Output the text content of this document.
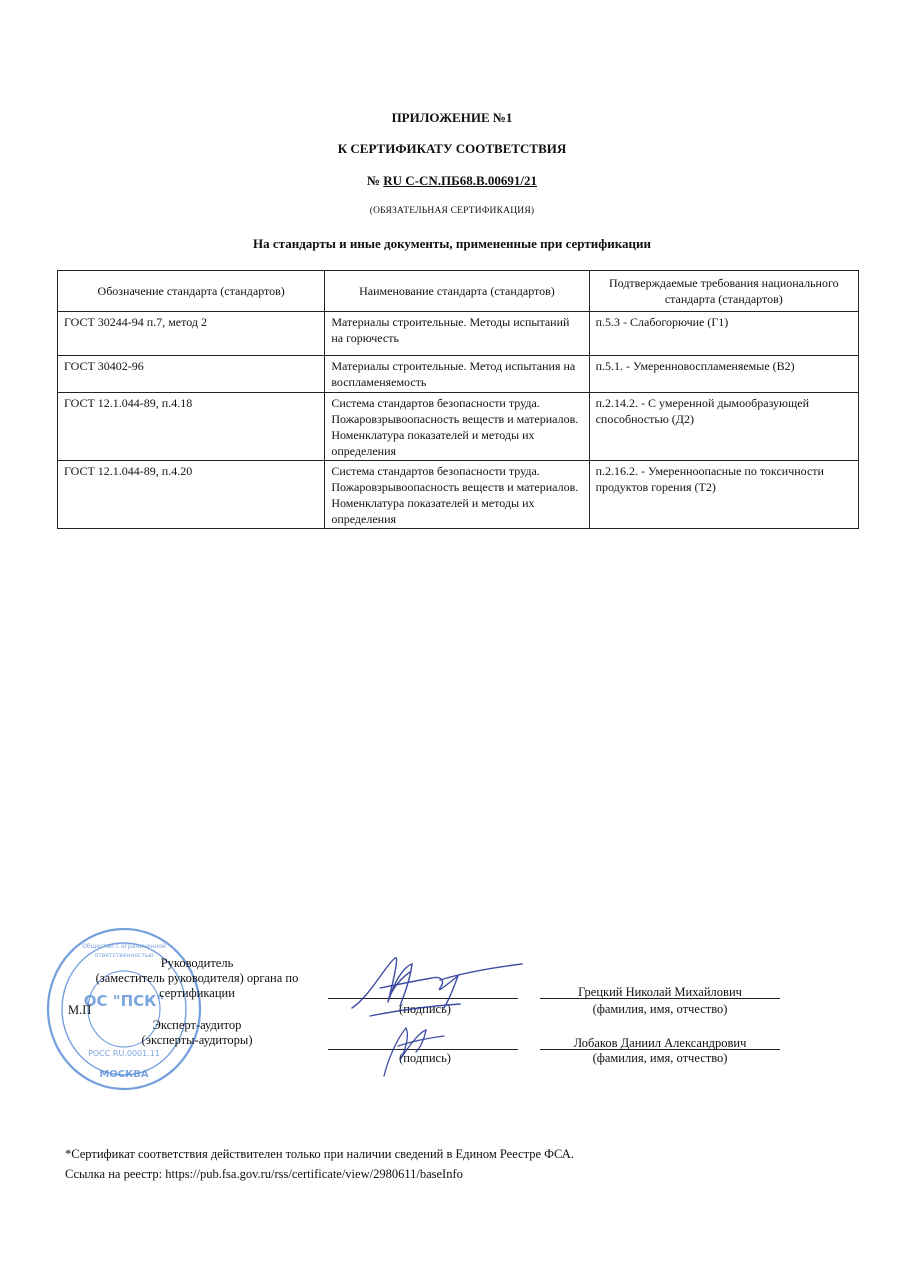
ПРИЛОЖЕНИЕ №1
К СЕРТИФИКАТУ СООТВЕТСТВИЯ
№ RU C-CN.ПБ68.В.00691/21
(ОБЯЗАТЕЛЬНАЯ СЕРТИФИКАЦИЯ)
На стандарты и иные документы, примененные при сертификации
Обозначение стандарта (стандартов)	Наименование стандарта (стандартов)	Подтверждаемые требования национального стандарта (стандартов)
ГОСТ 30244-94 п.7, метод 2	Материалы строительные. Методы испытаний на горючесть	п.5.3 - Слабогорючие (Г1)
ГОСТ 30402-96	Материалы строительные. Метод испытания на воспламеняемость	п.5.1. - Умеренновоспламеняемые (В2)
ГОСТ 12.1.044-89, п.4.18	Система стандартов безопасности труда. Пожаровзрывоопасность веществ и материалов. Номенклатура показателей и методы их определения	п.2.14.2. - С умеренной дымообразующей способностью (Д2)
ГОСТ 12.1.044-89, п.4.20	Система стандартов безопасности труда. Пожаровзрывоопасность веществ и материалов. Номенклатура показателей и методы их определения	п.2.16.2. - Умеренноопасные по токсичности продуктов горения (Т2)
ОС "ПСК"
РОСС RU.0001.11
МОСКВА
Общество с ограниченной
ответственностью
Руководитель
(заместитель руководителя) органа по
сертификации
М.П
Эксперт-аудитор
(эксперты-аудиторы)
(подпись)
Грецкий Николай Михайлович
(фамилия, имя, отчество)
(подпись)
Лобаков Даниил Александрович
(фамилия, имя, отчество)
*Сертификат соответствия действителен только при наличии сведений в Едином Реестре ФСА.
Ссылка на реестр: https://pub.fsa.gov.ru/rss/certificate/view/2980611/baseInfo
